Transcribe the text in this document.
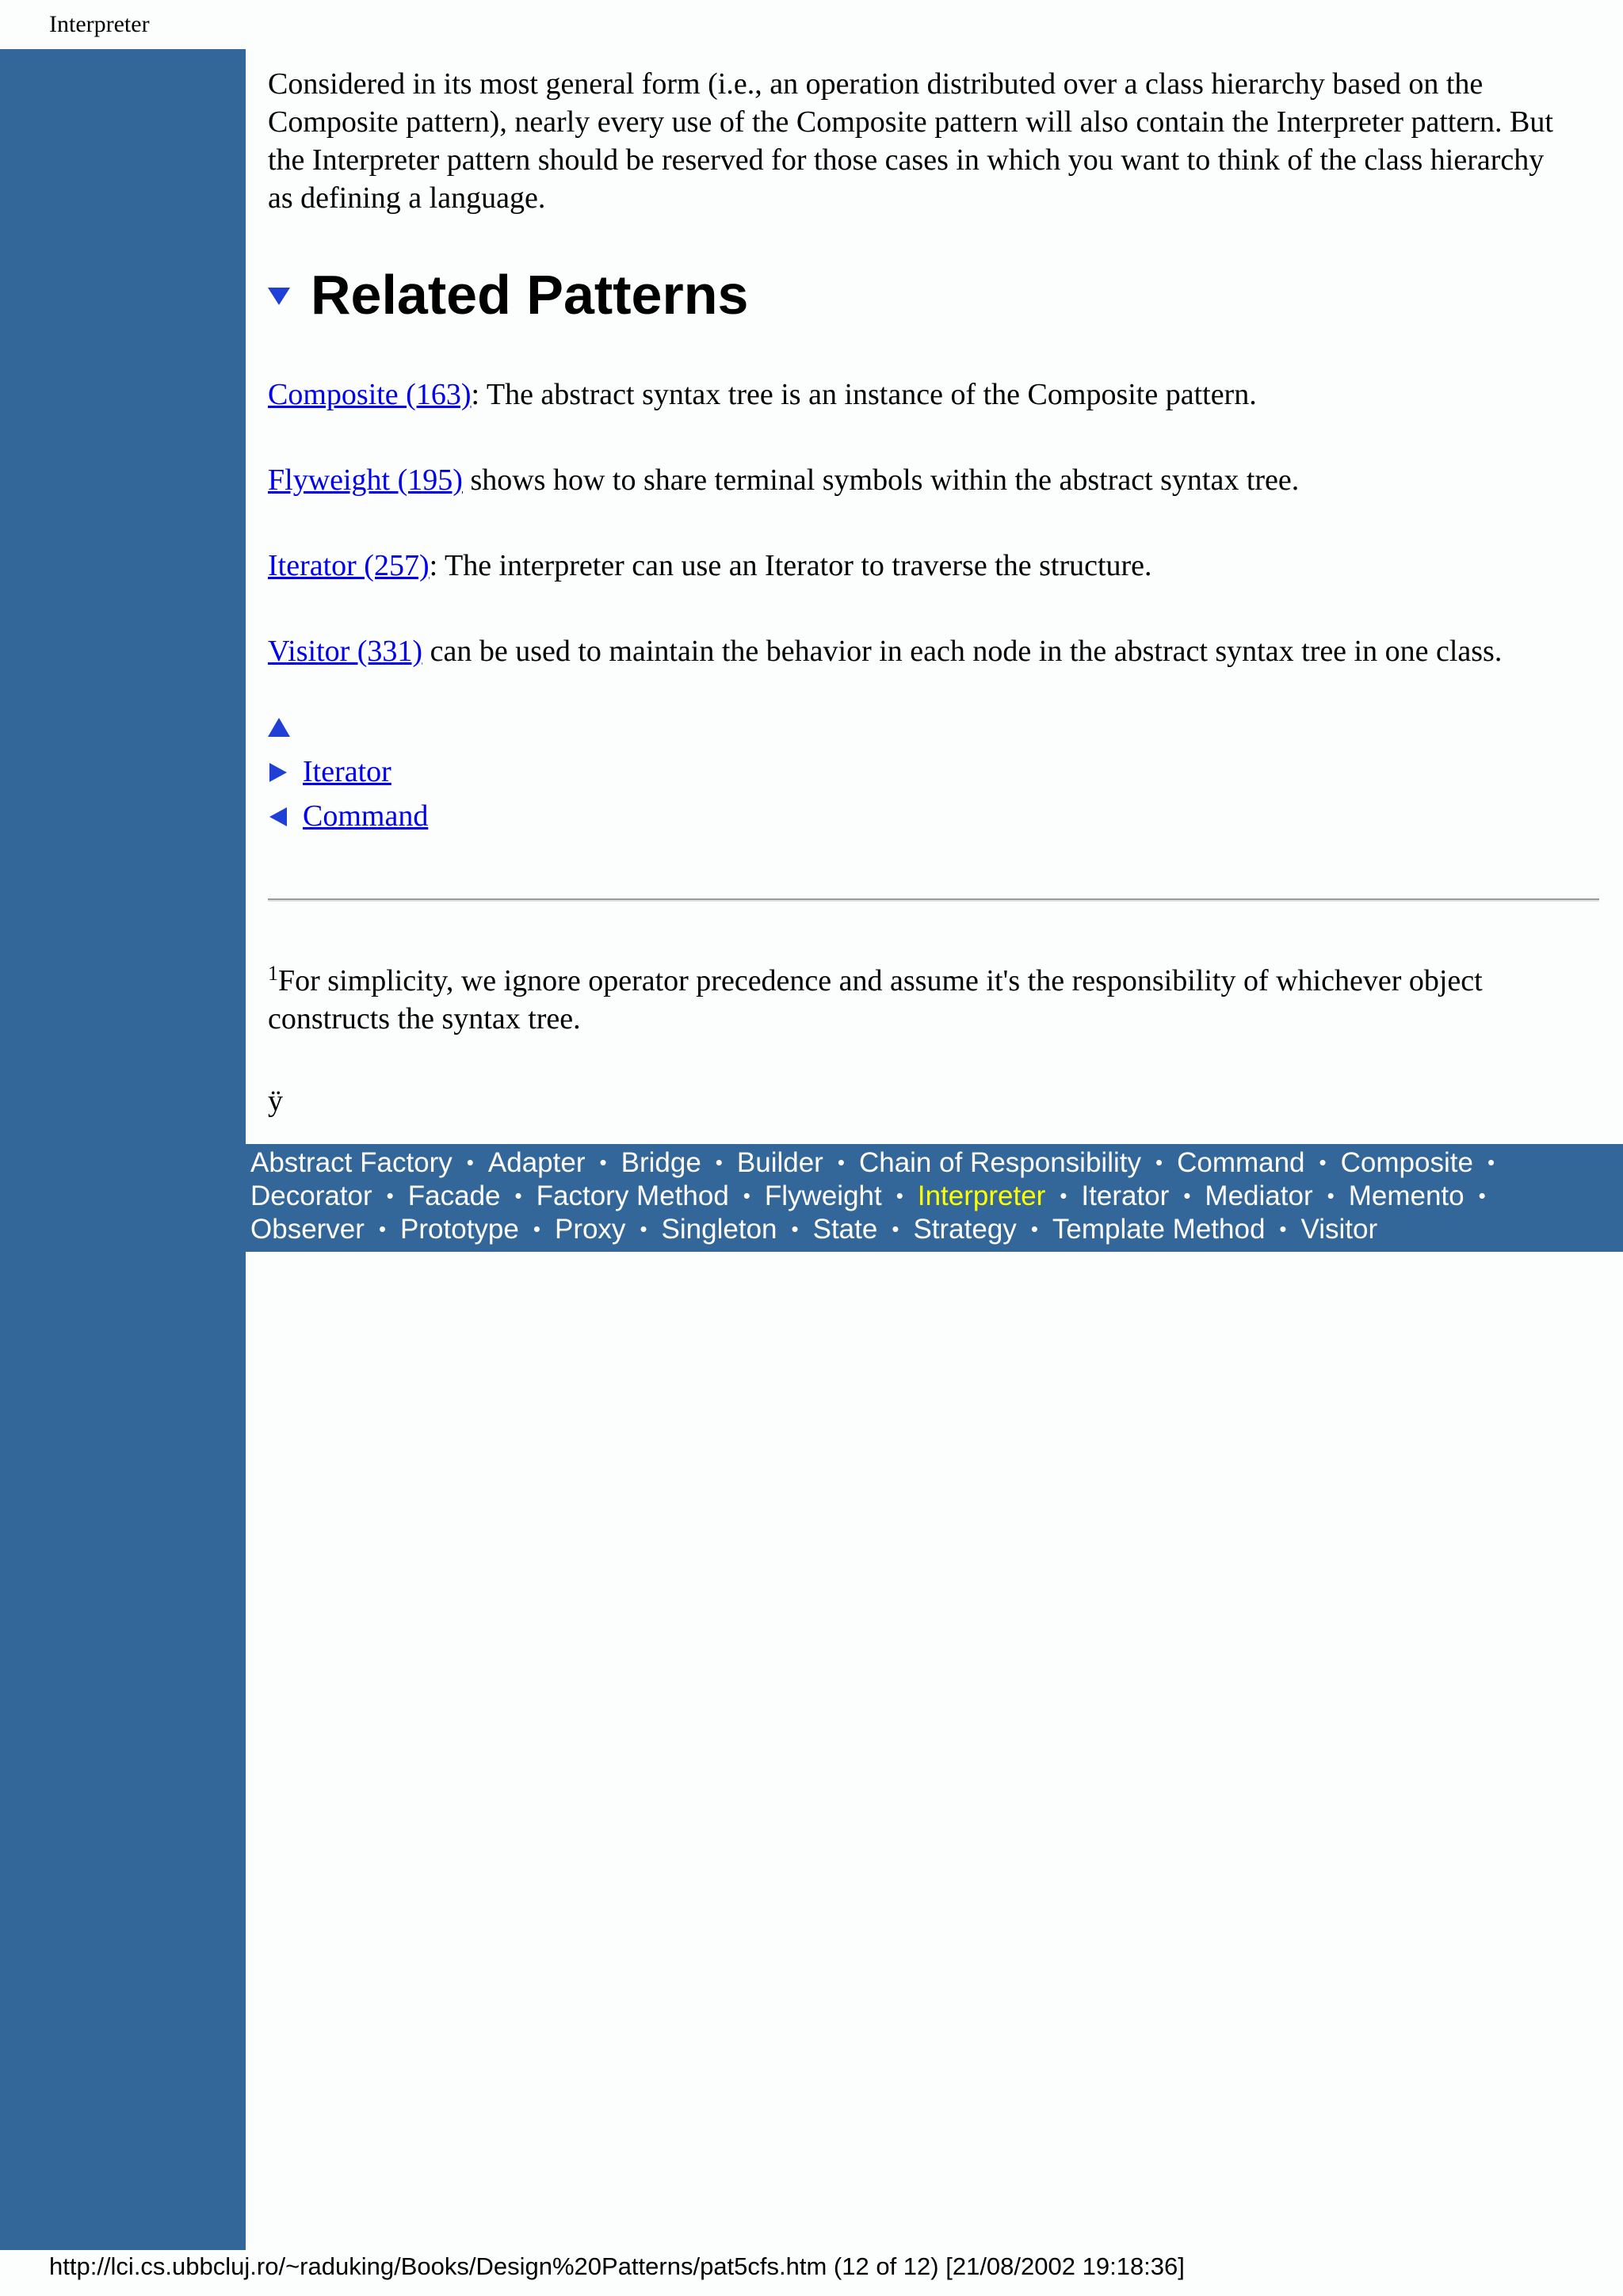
Interpreter

Considered in its most general form (i.e., an operation distributed over a class hierarchy based on the Composite pattern), nearly every use of the Composite pattern will also contain the Interpreter pattern. But the Interpreter pattern should be reserved for those cases in which you want to think of the class hierarchy as defining a language.

Related Patterns
Composite (163): The abstract syntax tree is an instance of the Composite pattern.
Flyweight (195) shows how to share terminal symbols within the abstract syntax tree.
Iterator (257): The interpreter can use an Iterator to traverse the structure.
Visitor (331) can be used to maintain the behavior in each node in the abstract syntax tree in one class.
Iterator
Command
$^1$For simplicity, we ignore operator precedence and assume it's the responsibility of whichever object constructs the syntax tree.
ÿ
Abstract Factory • Adapter • Bridge • Builder • Chain of Responsibility • Command • Composite •
Decorator • Facade • Factory Method • Flyweight • Interpreter • Iterator • Mediator • Memento •
Observer • Prototype • Proxy • Singleton • State • Strategy • Template Method • Visitor
http://lci.cs.ubbcluj.ro/~raduking/Books/Design%20Patterns/pat5cfs.htm (12 of 12) [21/08/2002 19:18:36]
